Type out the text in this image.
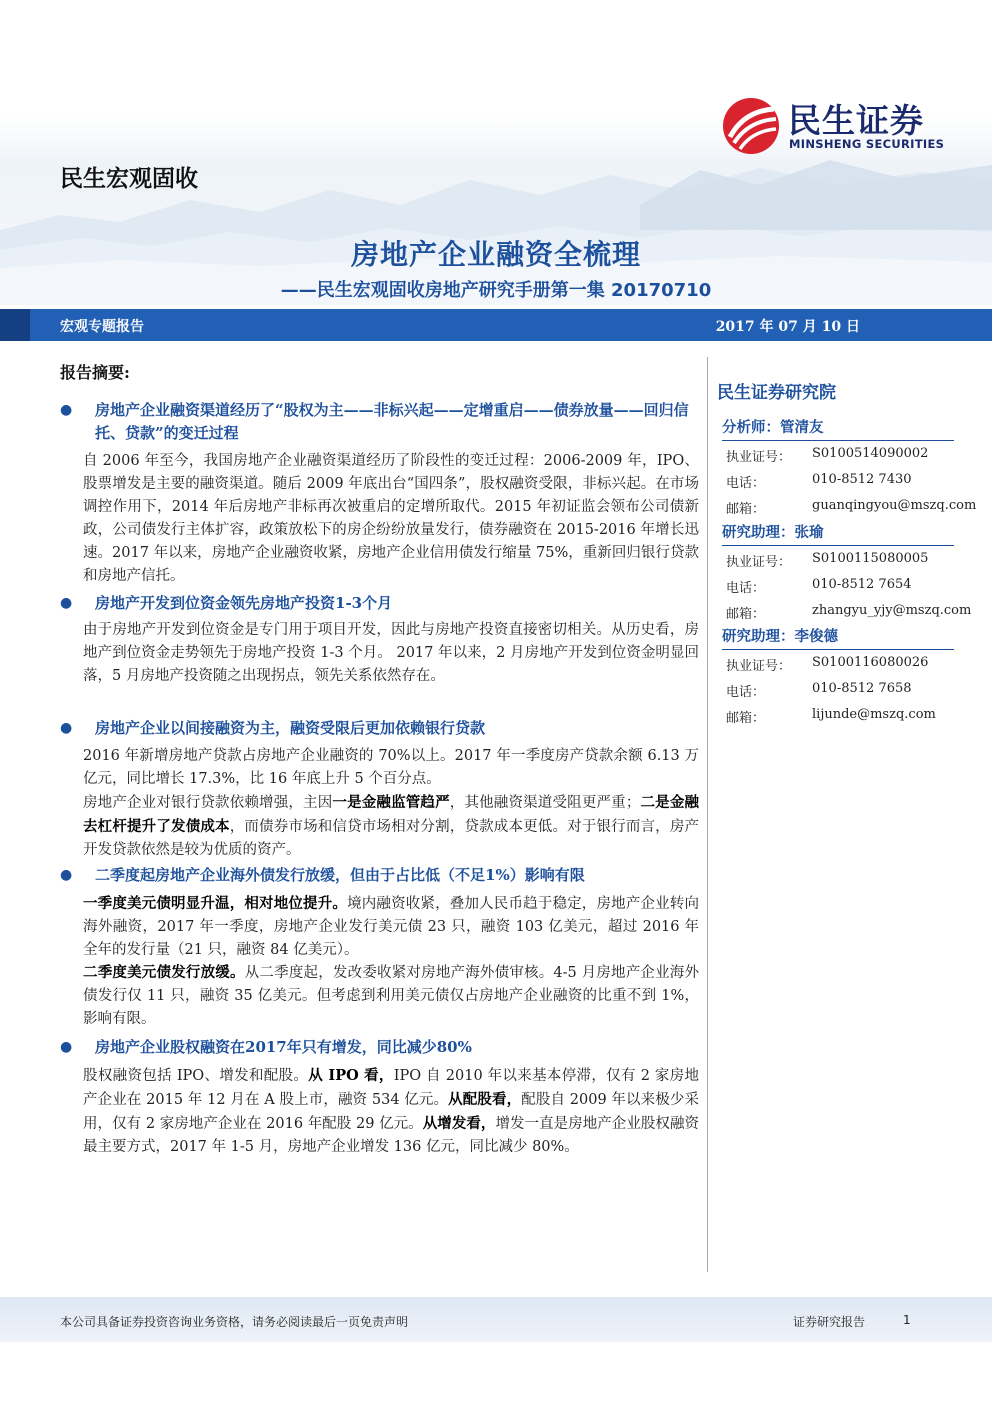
民生证券
MINSHENG SECURITIES
民生宏观固收
房地产企业融资全梳理
——民生宏观固收房地产研究手册第一集 20170710
宏观专题报告	2017 年 07 月 10 日
报告摘要:
●	房地产企业融资渠道经历了“股权为主——非标兴起——定增重启——债券放量——回归信托、贷款”的变迁过程
自 2006 年至今，我国房地产企业融资渠道经历了阶段性的变迁过程：2006-2009 年，IPO、股票增发是主要的融资渠道。随后 2009 年底出台“国四条”，股权融资受限，非标兴起。在市场调控作用下，2014 年后房地产非标再次被重启的定增所取代。2015 年初证监会领布公司债新政，公司债发行主体扩容，政策放松下的房企纷纷放量发行，债券融资在 2015-2016 年增长迅速。2017 年以来，房地产企业融资收紧，房地产企业信用债发行缩量 75%，重新回归银行贷款和房地产信托。
●	房地产开发到位资金领先房地产投资1-3个月
由于房地产开发到位资金是专门用于项目开发，因此与房地产投资直接密切相关。从历史看，房地产到位资金走势领先于房地产投资 1-3 个月。 2017 年以来，2 月房地产开发到位资金明显回落，5 月房地产投资随之出现拐点，领先关系依然存在。
●	房地产企业以间接融资为主，融资受限后更加依赖银行贷款
2016 年新增房地产贷款占房地产企业融资的 70%以上。2017 年一季度房产贷款余额 6.13 万亿元，同比增长 17.3%，比 16 年底上升 5 个百分点。
房地产企业对银行贷款依赖增强，主因一是金融监管趋严，其他融资渠道受阻更严重；二是金融去杠杆提升了发债成本，而债券市场和信贷市场相对分割，贷款成本更低。对于银行而言，房产开发贷款依然是较为优质的资产。
●	二季度起房地产企业海外债发行放缓，但由于占比低（不足1%）影响有限
一季度美元债明显升温，相对地位提升。境内融资收紧，叠加人民币趋于稳定，房地产企业转向海外融资，2017 年一季度，房地产企业发行美元债 23 只，融资 103 亿美元，超过 2016 年全年的发行量（21 只，融资 84 亿美元）。
二季度美元债发行放缓。从二季度起，发改委收紧对房地产海外债审核。4-5 月房地产企业海外债发行仅 11 只，融资 35 亿美元。但考虑到利用美元债仅占房地产企业融资的比重不到 1%，影响有限。
●	房地产企业股权融资在2017年只有增发，同比减少80%
股权融资包括 IPO、增发和配股。从 IPO 看，IPO 自 2010 年以来基本停滞，仅有 2 家房地产企业在 2015 年 12 月在 A 股上市，融资 534 亿元。从配股看，配股自 2009 年以来极少采用，仅有 2 家房地产企业在 2016 年配股 29 亿元。从增发看，增发一直是房地产企业股权融资最主要方式，2017 年 1-5 月，房地产企业增发 136 亿元，同比减少 80%。
民生证券研究院
分析师：管清友
执业证号： S0100514090002
电话：	010-8512 7430
邮箱：	guanqingyou@mszq.com
研究助理：张瑜
执业证号： S0100115080005
电话：	010-8512 7654
邮箱：	zhangyu_yjy@mszq.com
研究助理：李俊德
执业证号： S0100116080026
电话：	010-8512 7658
邮箱：	lijunde@mszq.com
本公司具备证券投资咨询业务资格，请务必阅读最后一页免责声明	证券研究报告	1
